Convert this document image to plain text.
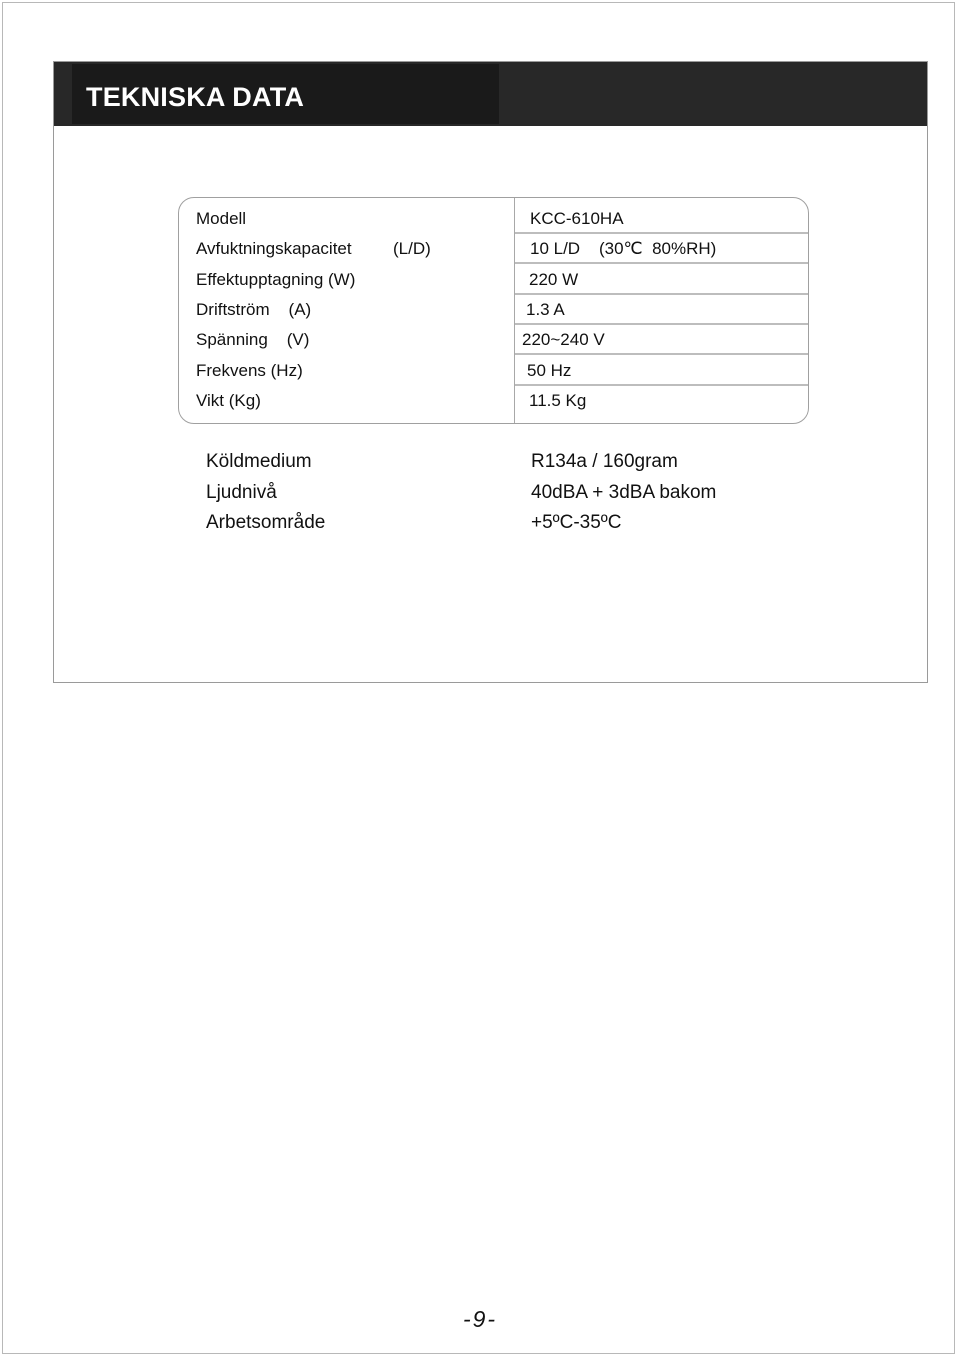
TEKNISKA DATA
Modell	KCC-610HA
Avfuktningskapacitet (L/D)	10 L/D    (30℃  80%RH)
Effektupptagning (W)	220 W
Driftström    (A)	1.3 A
Spänning    (V)	220~240 V
Frekvens (Hz)	50 Hz
Vikt (Kg)	11.5 Kg
Köldmedium	R134a / 160gram
Ljudnivå	40dBA + 3dBA bakom
Arbetsområde	+5ºC-35ºC
-9-
